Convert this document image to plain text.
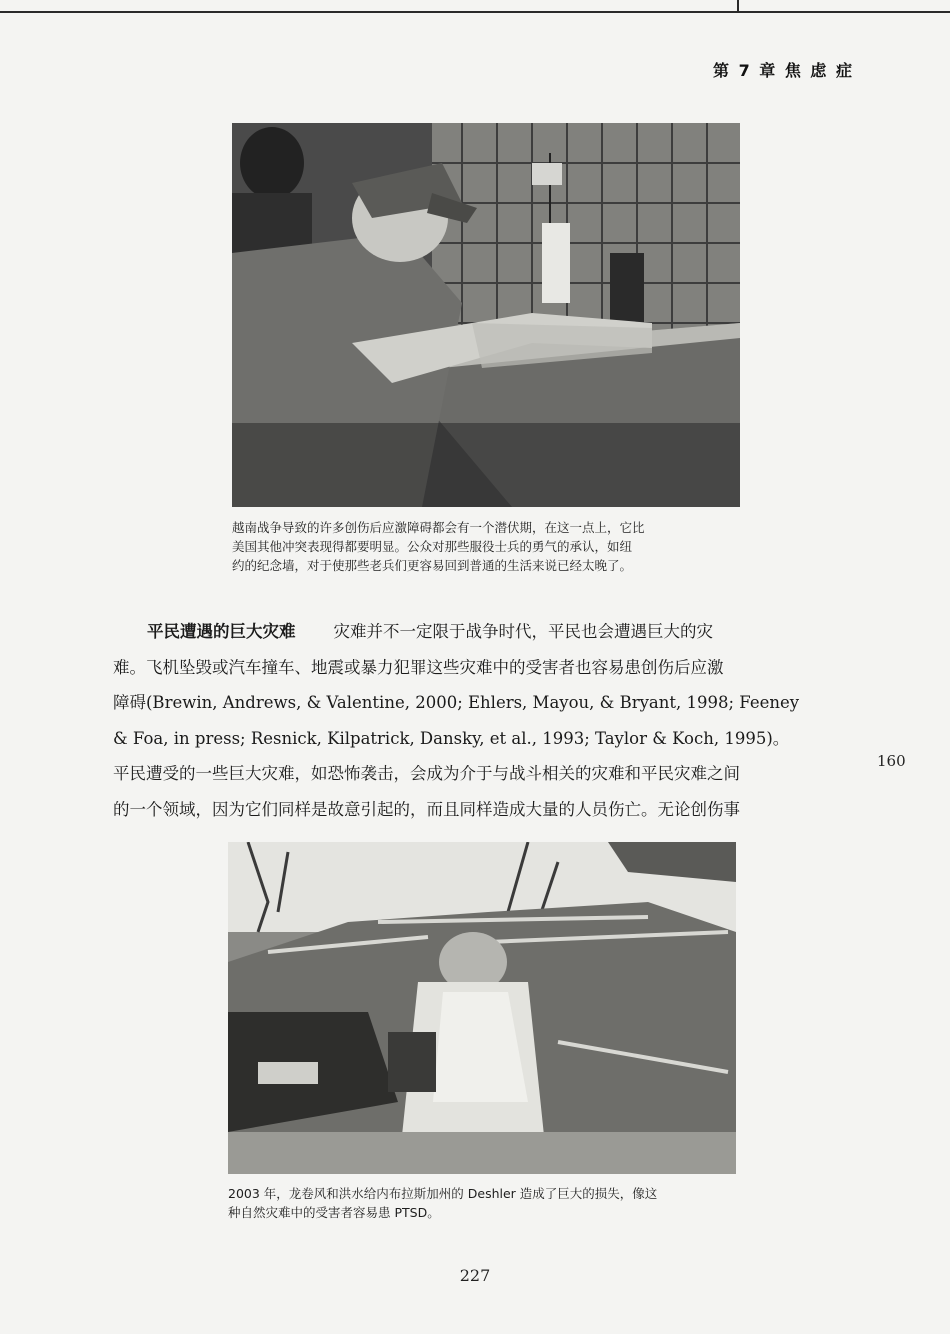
第 7 章 焦 虑 症
越南战争导致的许多创伤后应激障碍都会有一个潜伏期，在这一点上，它比
美国其他冲突表现得都要明显。公众对那些服役士兵的勇气的承认，如纽
约的纪念墙，对于使那些老兵们更容易回到普通的生活来说已经太晚了。
平民遭遇的巨大灾难 灾难并不一定限于战争时代，平民也会遭遇巨大的灾
难。飞机坠毁或汽车撞车、地震或暴力犯罪这些灾难中的受害者也容易患创伤后应激
障碍(Brewin, Andrews, & Valentine, 2000; Ehlers, Mayou, & Bryant, 1998; Feeney
& Foa, in press; Resnick, Kilpatrick, Dansky, et al., 1993; Taylor & Koch, 1995)。
平民遭受的一些巨大灾难，如恐怖袭击，会成为介于与战斗相关的灾难和平民灾难之间
的一个领域，因为它们同样是故意引起的，而且同样造成大量的人员伤亡。无论创伤事
160
2003 年，龙卷风和洪水给内布拉斯加州的 Deshler 造成了巨大的损失，像这
种自然灾难中的受害者容易患 PTSD。
227
